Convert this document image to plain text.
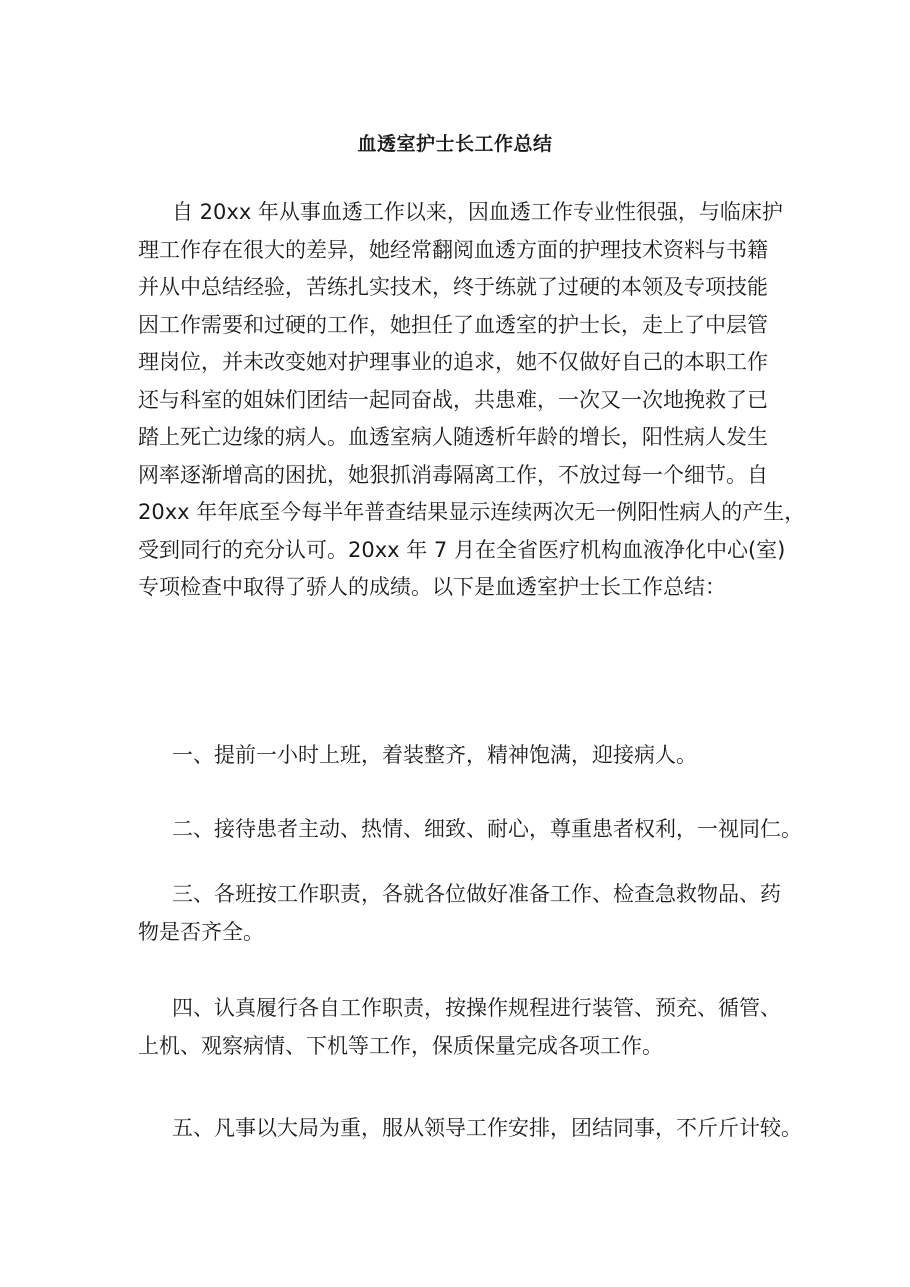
血透室护士长工作总结
自 20xx 年从事血透工作以来，因血透工作专业性很强，与临床护
理工作存在很大的差异，她经常翻阅血透方面的护理技术资料与书籍
并从中总结经验，苦练扎实技术，终于练就了过硬的本领及专项技能
因工作需要和过硬的工作，她担任了血透室的护士长，走上了中层管
理岗位，并未改变她对护理事业的追求，她不仅做好自己的本职工作
还与科室的姐妹们团结一起同奋战，共患难，一次又一次地挽救了已
踏上死亡边缘的病人。血透室病人随透析年龄的增长，阳性病人发生
网率逐渐增高的困扰，她狠抓消毒隔离工作，不放过每一个细节。自
20xx 年年底至今每半年普查结果显示连续两次无一例阳性病人的产生，
受到同行的充分认可。20xx 年 7 月在全省医疗机构血液净化中心(室)
专项检查中取得了骄人的成绩。以下是血透室护士长工作总结：
一、提前一小时上班，着装整齐，精神饱满，迎接病人。
二、接待患者主动、热情、细致、耐心，尊重患者权利，一视同仁。
三、各班按工作职责，各就各位做好准备工作、检查急救物品、药
物是否齐全。
四、认真履行各自工作职责，按操作规程进行装管、预充、循管、
上机、观察病情、下机等工作，保质保量完成各项工作。
五、凡事以大局为重，服从领导工作安排，团结同事，不斤斤计较。
